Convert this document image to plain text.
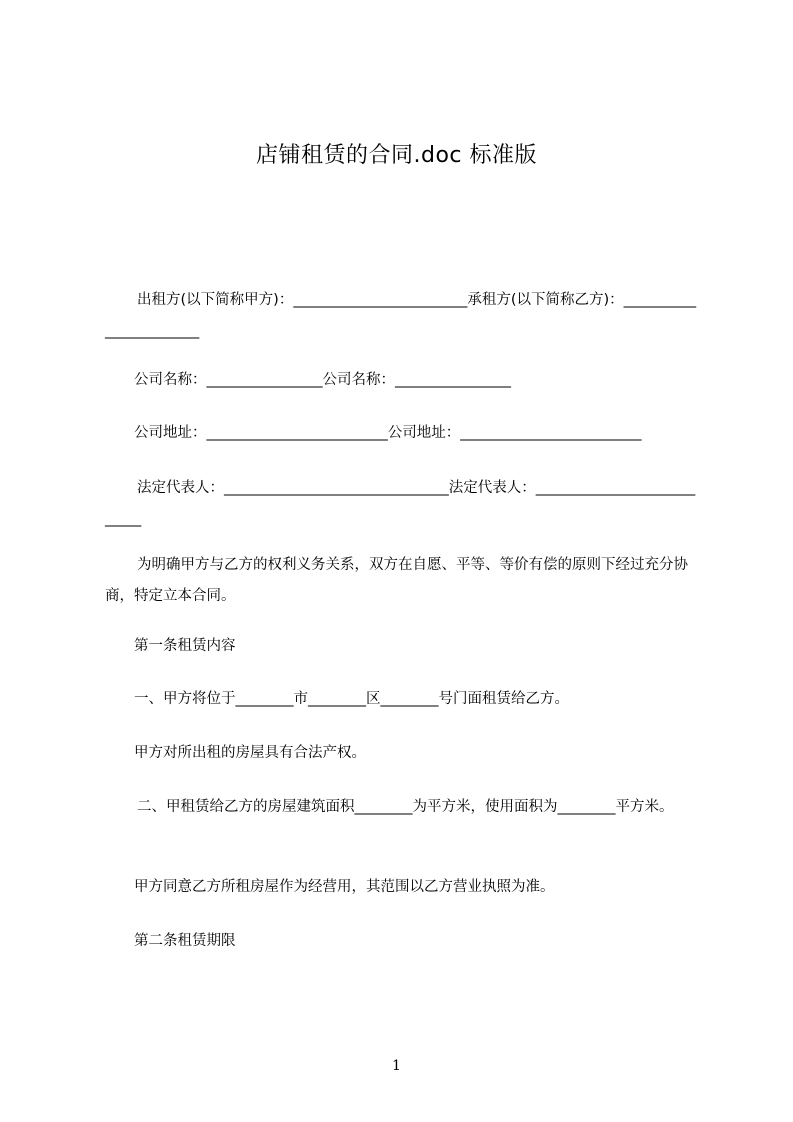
店铺租赁的合同.doc 标准版

出租方(以下简称甲方)：________________________承租方(以下简称乙方)：_______________________

公司名称：________________公司名称：________________

公司地址：_________________________公司地址：_________________________

法定代表人：_______________________________法定代表人：___________________________

为明确甲方与乙方的权利义务关系，双方在自愿、平等、等价有偿的原则下经过充分协商，特定立本合同。

第一条租赁内容

一、甲方将位于________市________区________号门面租赁给乙方。

甲方对所出租的房屋具有合法产权。

二、甲租赁给乙方的房屋建筑面积________为平方米，使用面积为________平方米。

甲方同意乙方所租房屋作为经营用，其范围以乙方营业执照为准。

第二条租赁期限

1
